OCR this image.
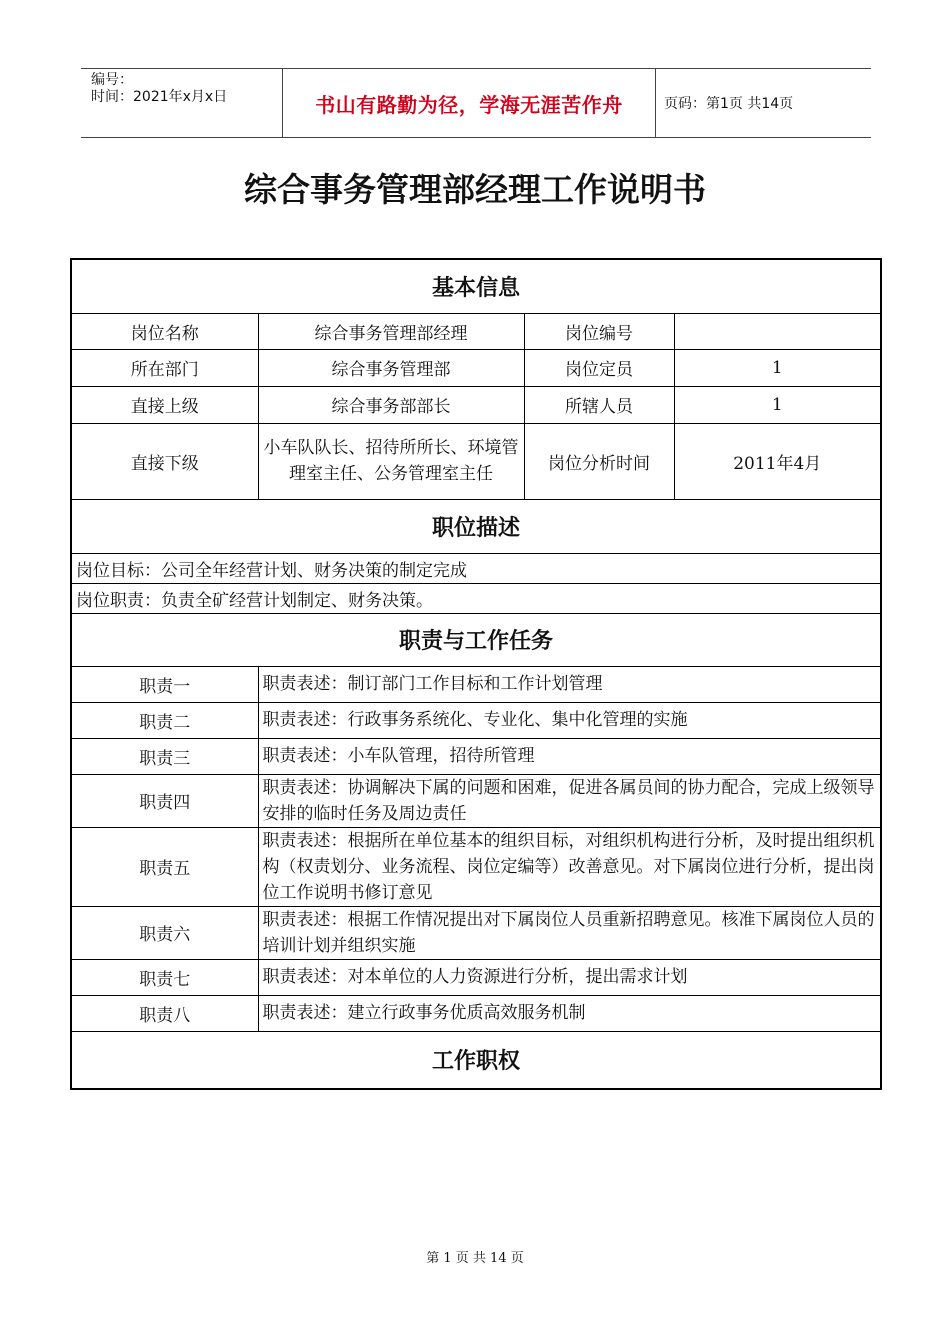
编号：
时间：2021年x月x日	书山有路勤为径，学海无涯苦作舟	页码：第1页 共14页
综合事务管理部经理工作说明书
基本信息			
岗位名称	综合事务管理部经理	岗位编号	
所在部门	综合事务管理部	岗位定员	1
直接上级	综合事务部部长	所辖人员	1
直接下级	小车队队长、招待所所长、环境管理室主任、公务管理室主任	岗位分析时间	2011年4月
职位描述			
岗位目标：公司全年经营计划、财务决策的制定完成			
岗位职责：负责全矿经营计划制定、财务决策。			
职责与工作任务			
职责一	职责表述：制订部门工作目标和工作计划管理		
职责二	职责表述：行政事务系统化、专业化、集中化管理的实施		
职责三	职责表述：小车队管理，招待所管理		
职责四	职责表述：协调解决下属的问题和困难，促进各属员间的协力配合，完成上级领导安排的临时任务及周边责任		
职责五	职责表述：根据所在单位基本的组织目标，对组织机构进行分析，及时提出组织机构（权责划分、业务流程、岗位定编等）改善意见。对下属岗位进行分析，提出岗位工作说明书修订意见		
职责六	职责表述：根据工作情况提出对下属岗位人员重新招聘意见。核准下属岗位人员的培训计划并组织实施		
职责七	职责表述：对本单位的人力资源进行分析，提出需求计划		
职责八	职责表述：建立行政事务优质高效服务机制		
工作职权			
第 1 页 共 14 页
